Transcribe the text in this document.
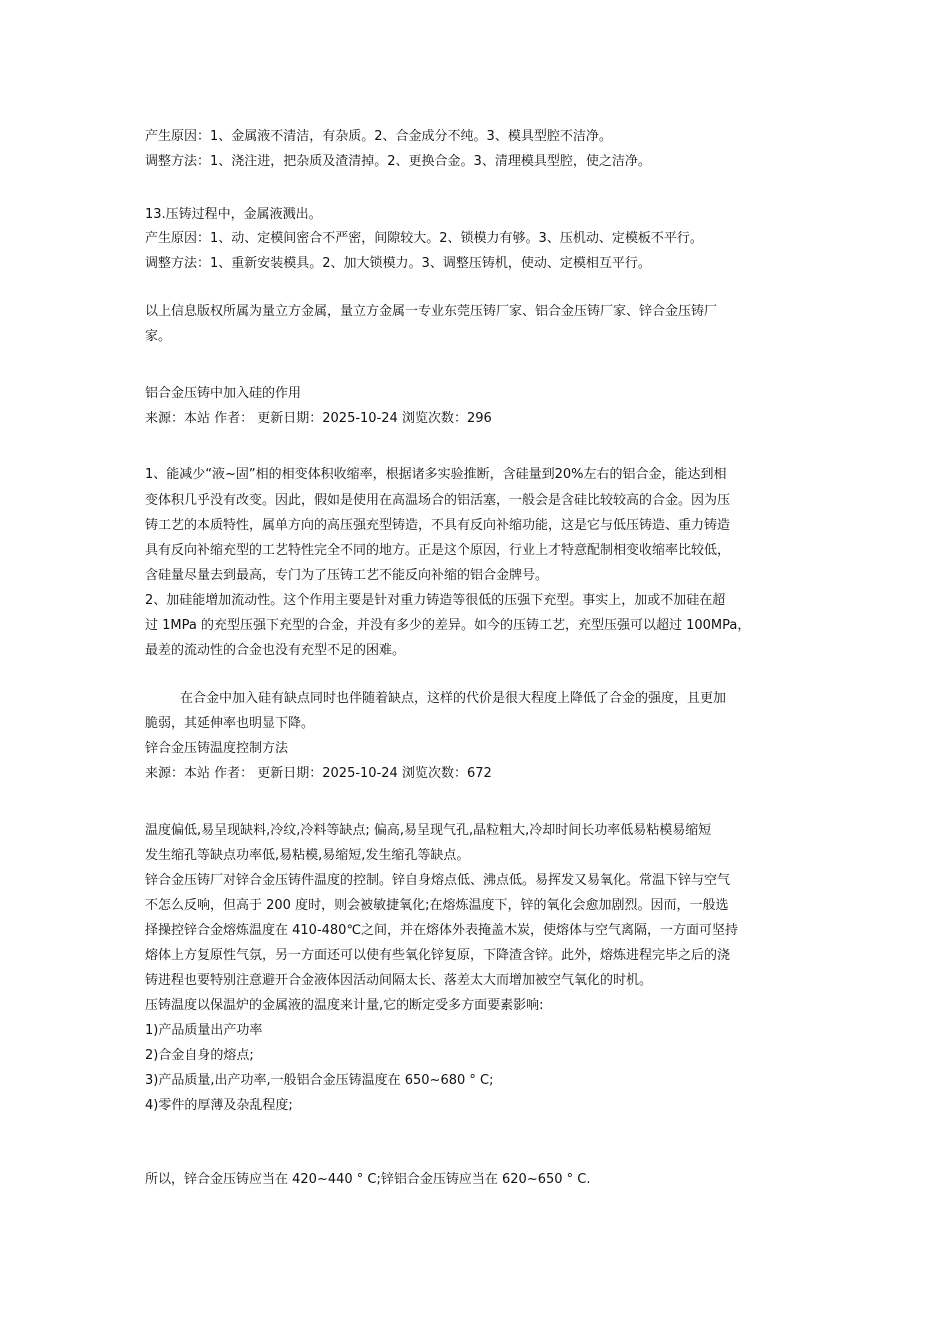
产生原因：1、金属液不清洁，有杂质。2、合金成分不纯。3、模具型腔不洁净。
调整方法：1、浇注进，把杂质及渣清掉。2、更换合金。3、清理模具型腔，使之洁净。
13.压铸过程中，金属液溅出。
产生原因：1、动、定模间密合不严密，间隙较大。2、锁模力有够。3、压机动、定模板不平行。
调整方法：1、重新安装模具。2、加大锁模力。3、调整压铸机，使动、定模相互平行。
以上信息版权所属为量立方金属，量立方金属一专业东莞压铸厂家、铝合金压铸厂家、锌合金压铸厂
家。
铝合金压铸中加入硅的作用
来源：本站 作者： 更新日期：2025-10-24 浏览次数：296
1、能减少“液~固”相的相变体积收缩率，根据诸多实验推断，含硅量到20%左右的铝合金，能达到相
变体积几乎没有改变。因此，假如是使用在高温场合的铝活塞，一般会是含硅比较较高的合金。因为压
铸工艺的本质特性，属单方向的高压强充型铸造，不具有反向补缩功能，这是它与低压铸造、重力铸造
具有反向补缩充型的工艺特性完全不同的地方。正是这个原因，行业上才特意配制相变收缩率比较低，
含硅量尽量去到最高，专门为了压铸工艺不能反向补缩的铝合金牌号。
2、加硅能增加流动性。这个作用主要是针对重力铸造等很低的压强下充型。事实上，加或不加硅在超
过 1MPa 的充型压强下充型的合金，并没有多少的差异。如今的压铸工艺，充型压强可以超过 100MPa，
最差的流动性的合金也没有充型不足的困难。
在合金中加入硅有缺点同时也伴随着缺点，这样的代价是很大程度上降低了合金的强度，且更加
脆弱，其延伸率也明显下降。
锌合金压铸温度控制方法
来源：本站 作者： 更新日期：2025-10-24 浏览次数：672
温度偏低,易呈现缺料,冷纹,冷料等缺点; 偏高,易呈现气孔,晶粒粗大,冷却时间长功率低易粘模易缩短
发生缩孔等缺点功率低,易粘模,易缩短,发生缩孔等缺点。
锌合金压铸厂对锌合金压铸件温度的控制。锌自身熔点低、沸点低。易挥发又易氧化。常温下锌与空气
不怎么反响，但高于 200 度时，则会被敏捷氧化;在熔炼温度下，锌的氧化会愈加剧烈。因而，一般选
择操控锌合金熔炼温度在 410-480℃之间，并在熔体外表掩盖木炭，使熔体与空气离隔，一方面可坚持
熔体上方复原性气氛，另一方面还可以使有些氧化锌复原，下降渣含锌。此外，熔炼进程完毕之后的浇
铸进程也要特别注意避开合金液体因活动间隔太长、落差太大而增加被空气氧化的时机。
压铸温度以保温炉的金属液的温度来计量,它的断定受多方面要素影响:
1)产品质量出产功率
2)合金自身的熔点;
3)产品质量,出产功率,一般铝合金压铸温度在 650~680 ° C;
4)零件的厚薄及杂乱程度;
所以，锌合金压铸应当在 420~440 ° C;锌铝合金压铸应当在 620~650 ° C.
